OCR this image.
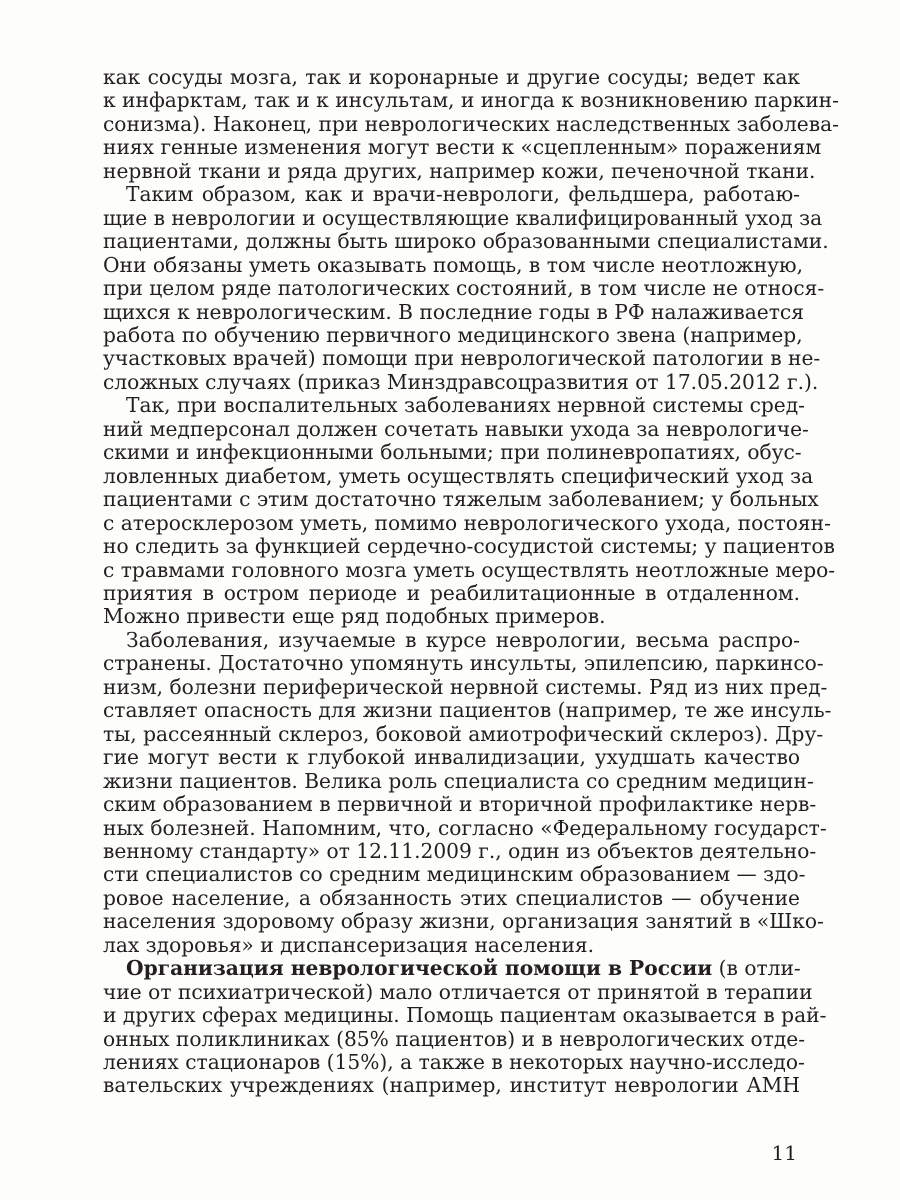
как сосуды мозга, так и коронарные и другие сосуды; ведет как
к инфарктам, так и к инсультам, и иногда к возникновению паркин-
сонизма). Наконец, при неврологических наследственных заболева-
ниях генные изменения могут вести к «сцепленным» поражениям
нервной ткани и ряда других, например кожи, печеночной ткани.
Таким образом, как и врачи-неврологи, фельдшера, работаю-
щие в неврологии и осуществляющие квалифицированный уход за
пациентами, должны быть широко образованными специалистами.
Они обязаны уметь оказывать помощь, в том числе неотложную,
при целом ряде патологических состояний, в том числе не относя-
щихся к неврологическим. В последние годы в РФ налаживается
работа по обучению первичного медицинского звена (например,
участковых врачей) помощи при неврологической патологии в не-
сложных случаях (приказ Минздравсоцразвития от 17.05.2012 г.).
Так, при воспалительных заболеваниях нервной системы сред-
ний медперсонал должен сочетать навыки ухода за неврологиче-
скими и инфекционными больными; при полиневропатиях, обус-
ловленных диабетом, уметь осуществлять специфический уход за
пациентами с этим достаточно тяжелым заболеванием; у больных
с атеросклерозом уметь, помимо неврологического ухода, постоян-
но следить за функцией сердечно-сосудистой системы; у пациентов
с травмами головного мозга уметь осуществлять неотложные меро-
приятия в остром периоде и реабилитационные в отдаленном.
Можно привести еще ряд подобных примеров.
Заболевания, изучаемые в курсе неврологии, весьма распро-
странены. Достаточно упомянуть инсульты, эпилепсию, паркинсо-
низм, болезни периферической нервной системы. Ряд из них пред-
ставляет опасность для жизни пациентов (например, те же инсуль-
ты, рассеянный склероз, боковой амиотрофический склероз). Дру-
гие могут вести к глубокой инвалидизации, ухудшать качество
жизни пациентов. Велика роль специалиста со средним медицин-
ским образованием в первичной и вторичной профилактике нерв-
ных болезней. Напомним, что, согласно «Федеральному государст-
венному стандарту» от 12.11.2009 г., один из объектов деятельно-
сти специалистов со средним медицинским образованием — здо-
ровое население, а обязанность этих специалистов — обучение
населения здоровому образу жизни, организация занятий в «Шко-
лах здоровья» и диспансеризация населения.
Организация неврологической помощи в России (в отли-
чие от психиатрической) мало отличается от принятой в терапии
и других сферах медицины. Помощь пациентам оказывается в рай-
онных поликлиниках (85% пациентов) и в неврологических отде-
лениях стационаров (15%), а также в некоторых научно-исследо-
вательских учреждениях (например, институт неврологии АМН
11
